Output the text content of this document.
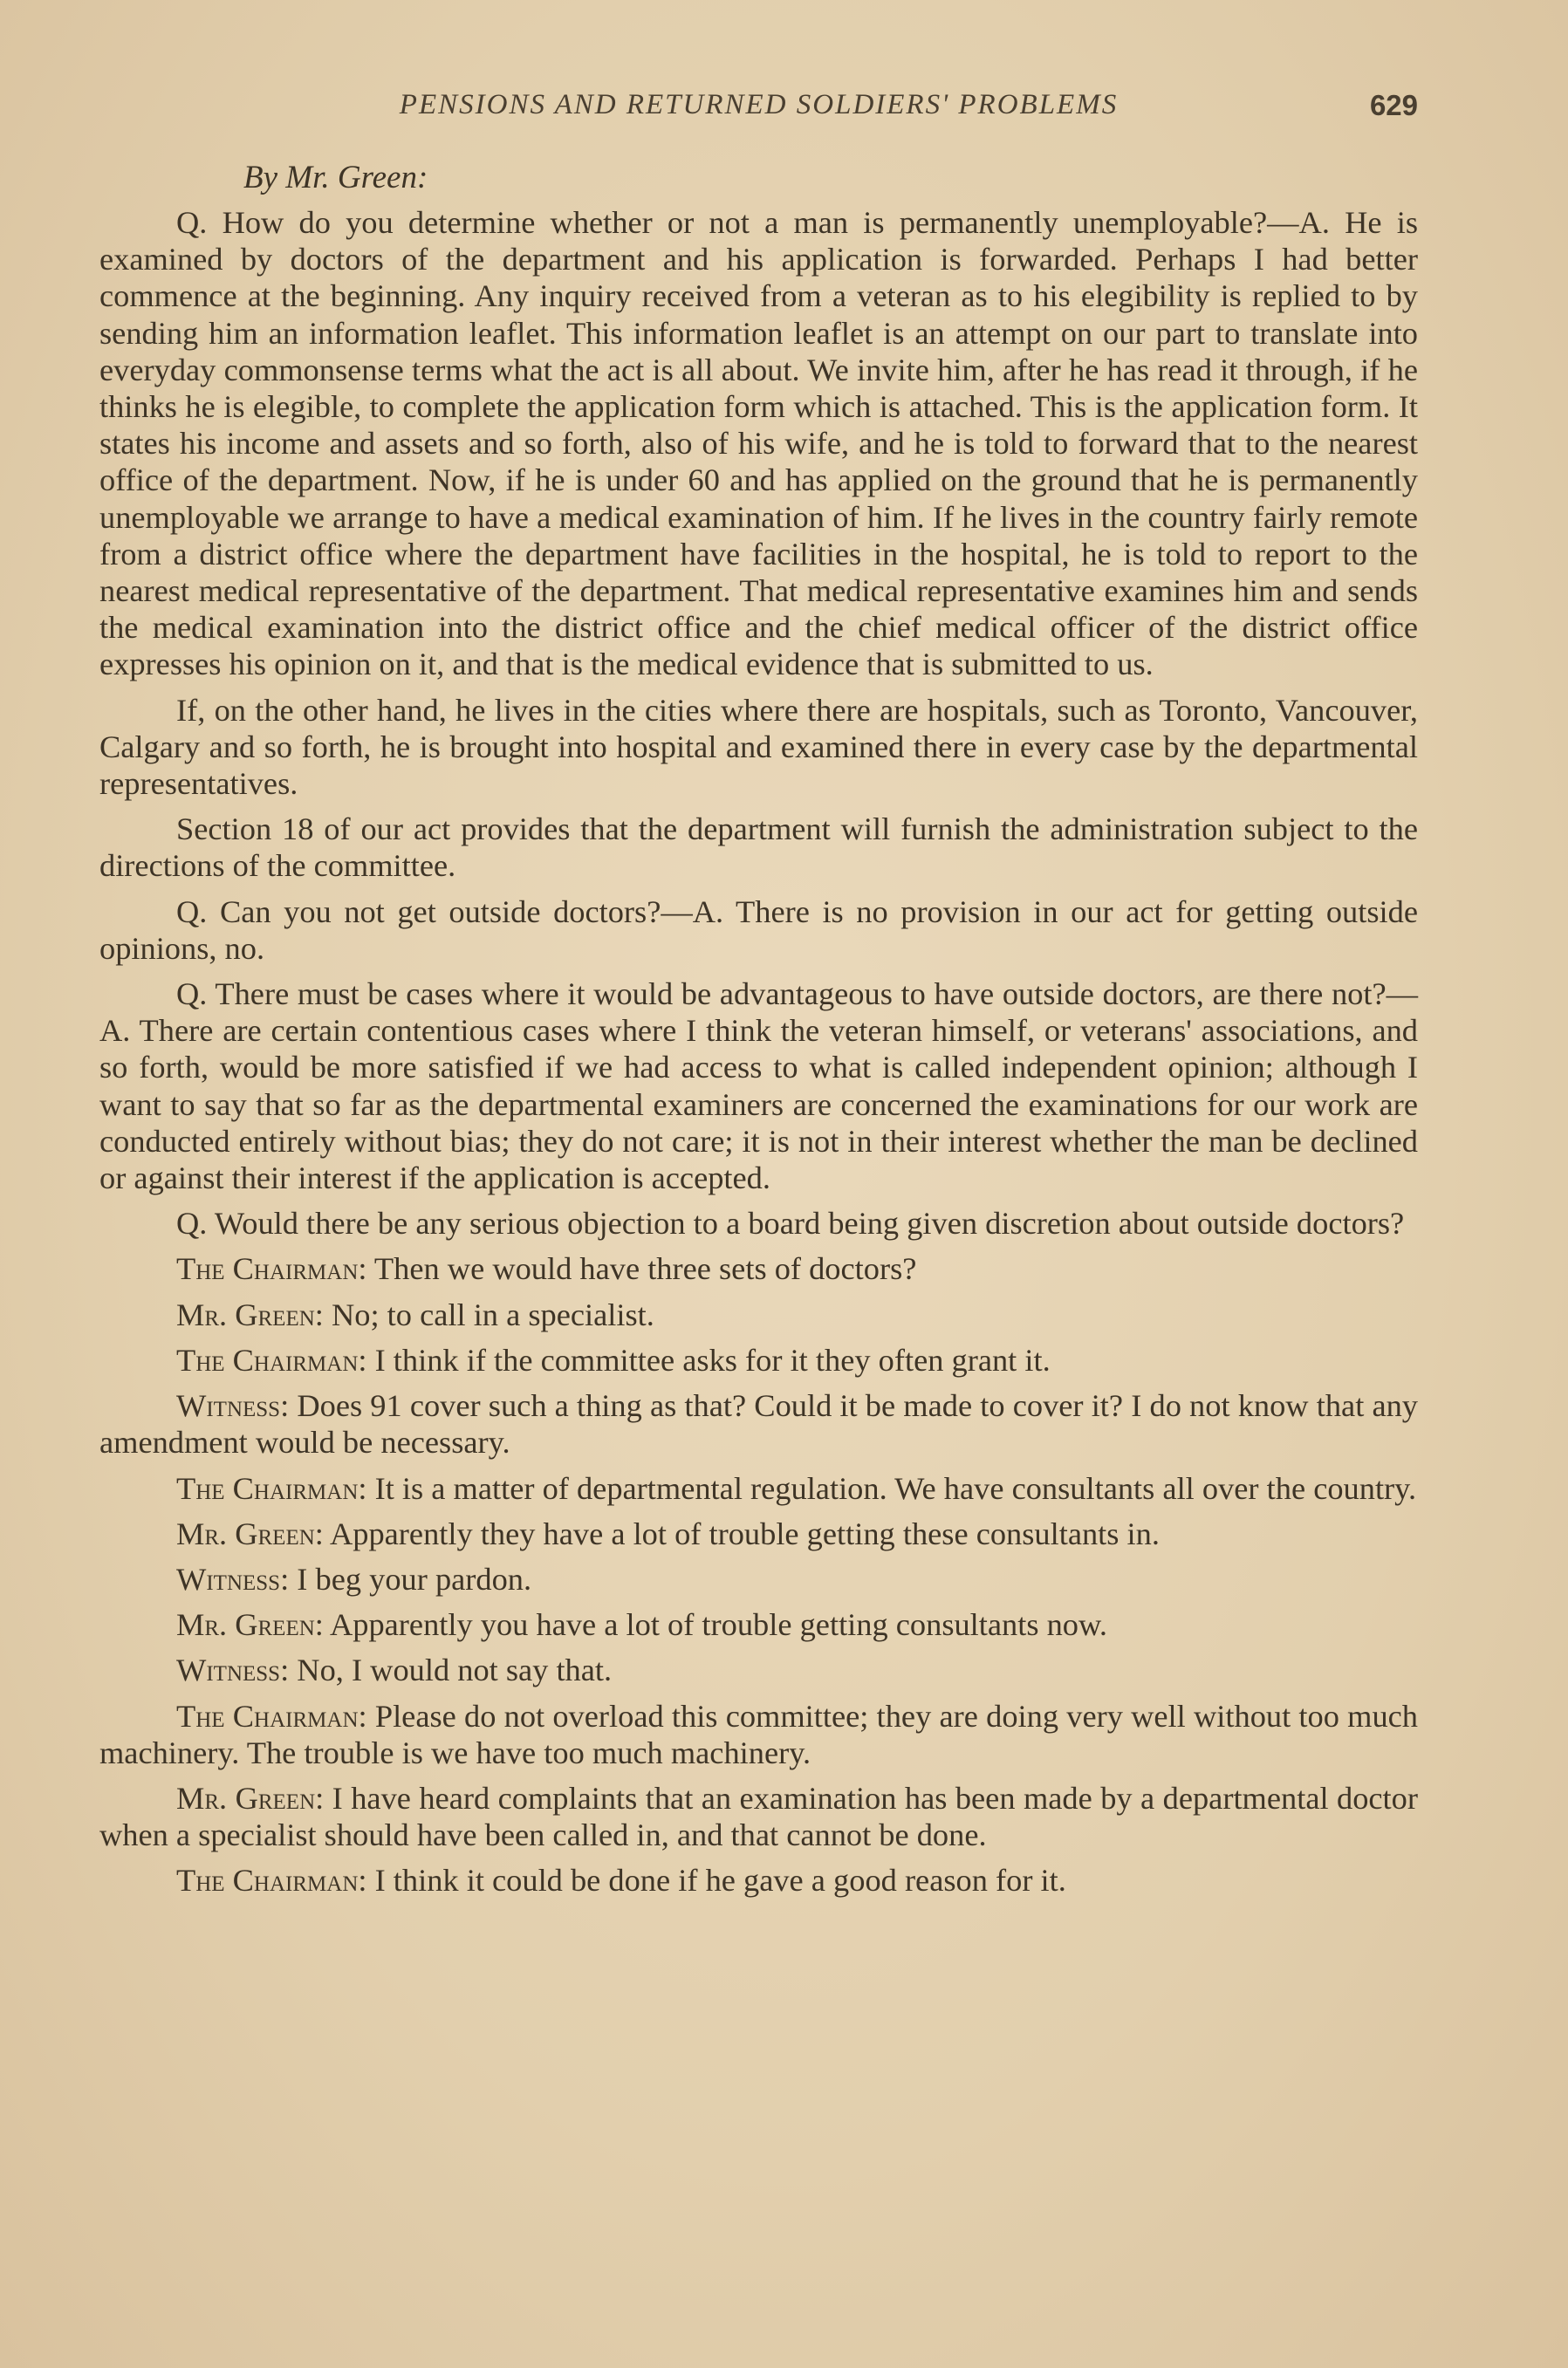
PENSIONS AND RETURNED SOLDIERS' PROBLEMS	629
By Mr. Green:

Q. How do you determine whether or not a man is permanently unemployable?—A. He is examined by doctors of the department and his application is forwarded. Perhaps I had better commence at the beginning. Any inquiry received from a veteran as to his elegibility is replied to by sending him an information leaflet. This information leaflet is an attempt on our part to translate into everyday commonsense terms what the act is all about. We invite him, after he has read it through, if he thinks he is elegible, to complete the application form which is attached. This is the application form. It states his income and assets and so forth, also of his wife, and he is told to forward that to the nearest office of the department. Now, if he is under 60 and has applied on the ground that he is permanently unemployable we arrange to have a medical examination of him. If he lives in the country fairly remote from a district office where the department have facilities in the hospital, he is told to report to the nearest medical representative of the department. That medical representative examines him and sends the medical examination into the district office and the chief medical officer of the district office expresses his opinion on it, and that is the medical evidence that is submitted to us.

If, on the other hand, he lives in the cities where there are hospitals, such as Toronto, Vancouver, Calgary and so forth, he is brought into hospital and examined there in every case by the departmental representatives.

Section 18 of our act provides that the department will furnish the administration subject to the directions of the committee.

Q. Can you not get outside doctors?—A. There is no provision in our act for getting outside opinions, no.

Q. There must be cases where it would be advantageous to have outside doctors, are there not?—A. There are certain contentious cases where I think the veteran himself, or veterans' associations, and so forth, would be more satisfied if we had access to what is called independent opinion; although I want to say that so far as the departmental examiners are concerned the examinations for our work are conducted entirely without bias; they do not care; it is not in their interest whether the man be declined or against their interest if the application is accepted.

Q. Would there be any serious objection to a board being given discretion about outside doctors?

The Chairman: Then we would have three sets of doctors?

Mr. Green: No; to call in a specialist.

The Chairman: I think if the committee asks for it they often grant it.

Witness: Does 91 cover such a thing as that? Could it be made to cover it? I do not know that any amendment would be necessary.

The Chairman: It is a matter of departmental regulation. We have consultants all over the country.

Mr. Green: Apparently they have a lot of trouble getting these consultants in.

Witness: I beg your pardon.

Mr. Green: Apparently you have a lot of trouble getting consultants now.

Witness: No, I would not say that.

The Chairman: Please do not overload this committee; they are doing very well without too much machinery. The trouble is we have too much machinery.

Mr. Green: I have heard complaints that an examination has been made by a departmental doctor when a specialist should have been called in, and that cannot be done.

The Chairman: I think it could be done if he gave a good reason for it.
